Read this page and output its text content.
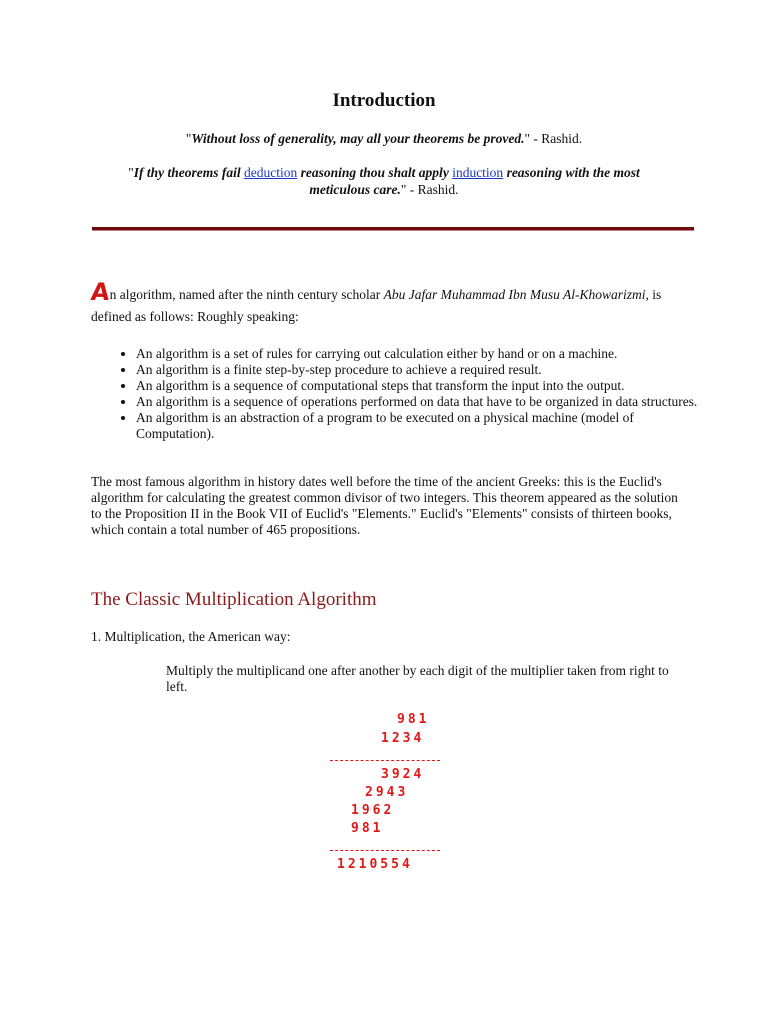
Introduction
"Without loss of generality, may all your theorems be proved." - Rashid.
"If thy theorems fail deduction reasoning thou shalt apply induction reasoning with the most meticulous care." - Rashid.
An algorithm, named after the ninth century scholar Abu Jafar Muhammad Ibn Musu Al-Khowarizmi, is defined as follows: Roughly speaking:
• An algorithm is a set of rules for carrying out calculation either by hand or on a machine.
• An algorithm is a finite step-by-step procedure to achieve a required result.
• An algorithm is a sequence of computational steps that transform the input into the output.
• An algorithm is a sequence of operations performed on data that have to be organized in data structures.
• An algorithm is an abstraction of a program to be executed on a physical machine (model of Computation).
The most famous algorithm in history dates well before the time of the ancient Greeks: this is the Euclid's algorithm for calculating the greatest common divisor of two integers. This theorem appeared as the solution to the Proposition II in the Book VII of Euclid's "Elements." Euclid's "Elements" consists of thirteen books, which contain a total number of 465 propositions.
The Classic Multiplication Algorithm
1. Multiplication, the American way:
Multiply the multiplicand one after another by each digit of the multiplier taken from right to left.
981
1234
3924
2943
1962
981
1210554
